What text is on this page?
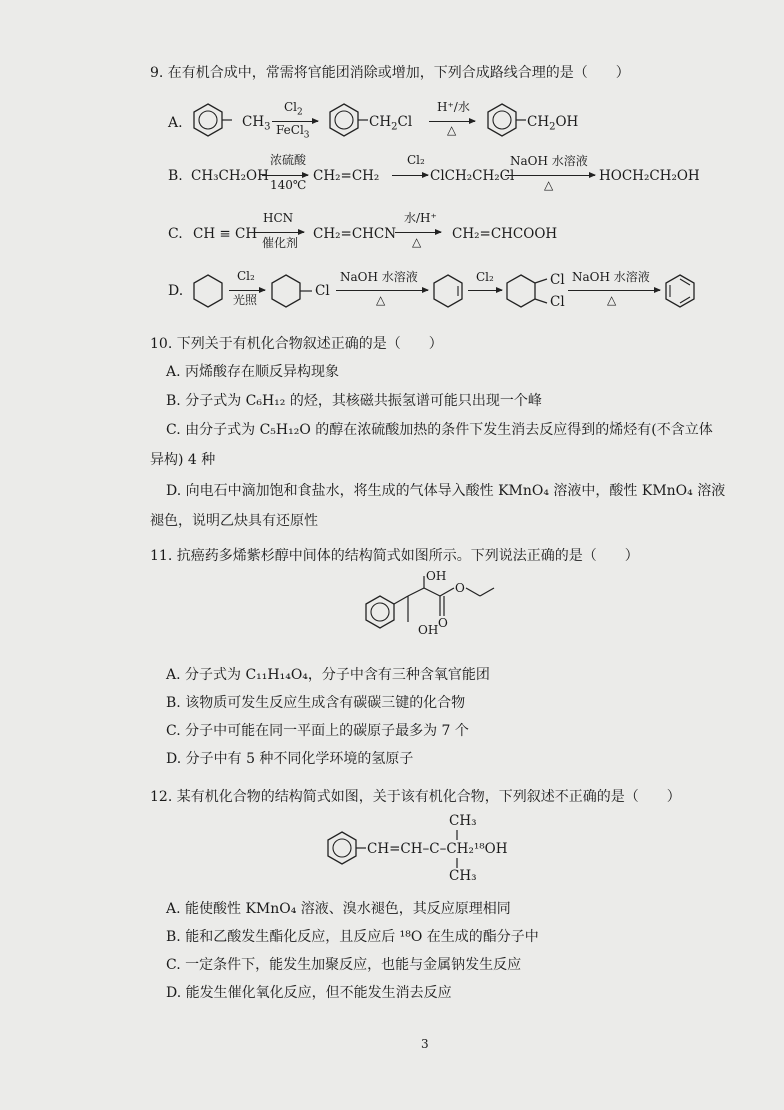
9. 在有机合成中，常需将官能团消除或增加，下列合成路线合理的是（　　）
A.	$CH_3$
$Cl_2$
FeCl$_3$
$CH_2Cl$
H⁺/水
△	$CH_2OH$
B. CH₃CH₂OH
浓硫酸
140℃
CH₂=CH₂
Cl₂
→ ClCH₂CH₂Cl
NaOH 水溶液
△
HOCH₂CH₂OH
C. CH ≡ CH
HCN
催化剂
CH₂=CHCN
水/H⁺
△ CH₂=CHCOOH
D.
Cl₂
光照
Cl
NaOH 水溶液
△
Cl₂	Cl
Cl
NaOH 水溶液
△
10. 下列关于有机化合物叙述正确的是（　　）
A. 丙烯酸存在顺反异构现象
B. 分子式为 C₆H₁₂ 的烃，其核磁共振氢谱可能只出现一个峰
C. 由分子式为 C₅H₁₂O 的醇在浓硫酸加热的条件下发生消去反应得到的烯烃有(不含立体
异构) 4 种
D. 向电石中滴加饱和食盐水，将生成的气体导入酸性 KMnO₄ 溶液中，酸性 KMnO₄ 溶液
褪色，说明乙炔具有还原性
11. 抗癌药多烯紫杉醇中间体的结构简式如图所示。下列说法正确的是（　　）
OH
OH
O
O
A. 分子式为 C₁₁H₁₄O₄，分子中含有三种含氧官能团
B. 该物质可发生反应生成含有碳碳三键的化合物
C. 分子中可能在同一平面上的碳原子最多为 7 个
D. 分子中有 5 种不同化学环境的氢原子
12. 某有机化合物的结构简式如图，关于该有机化合物，下列叙述不正确的是（　　）
CH=CH–C–CH₂¹⁸OH
CH₃
CH₃
A. 能使酸性 KMnO₄ 溶液、溴水褪色，其反应原理相同
B. 能和乙酸发生酯化反应，且反应后 ¹⁸O 在生成的酯分子中
C. 一定条件下，能发生加聚反应，也能与金属钠发生反应
D. 能发生催化氧化反应，但不能发生消去反应
3
